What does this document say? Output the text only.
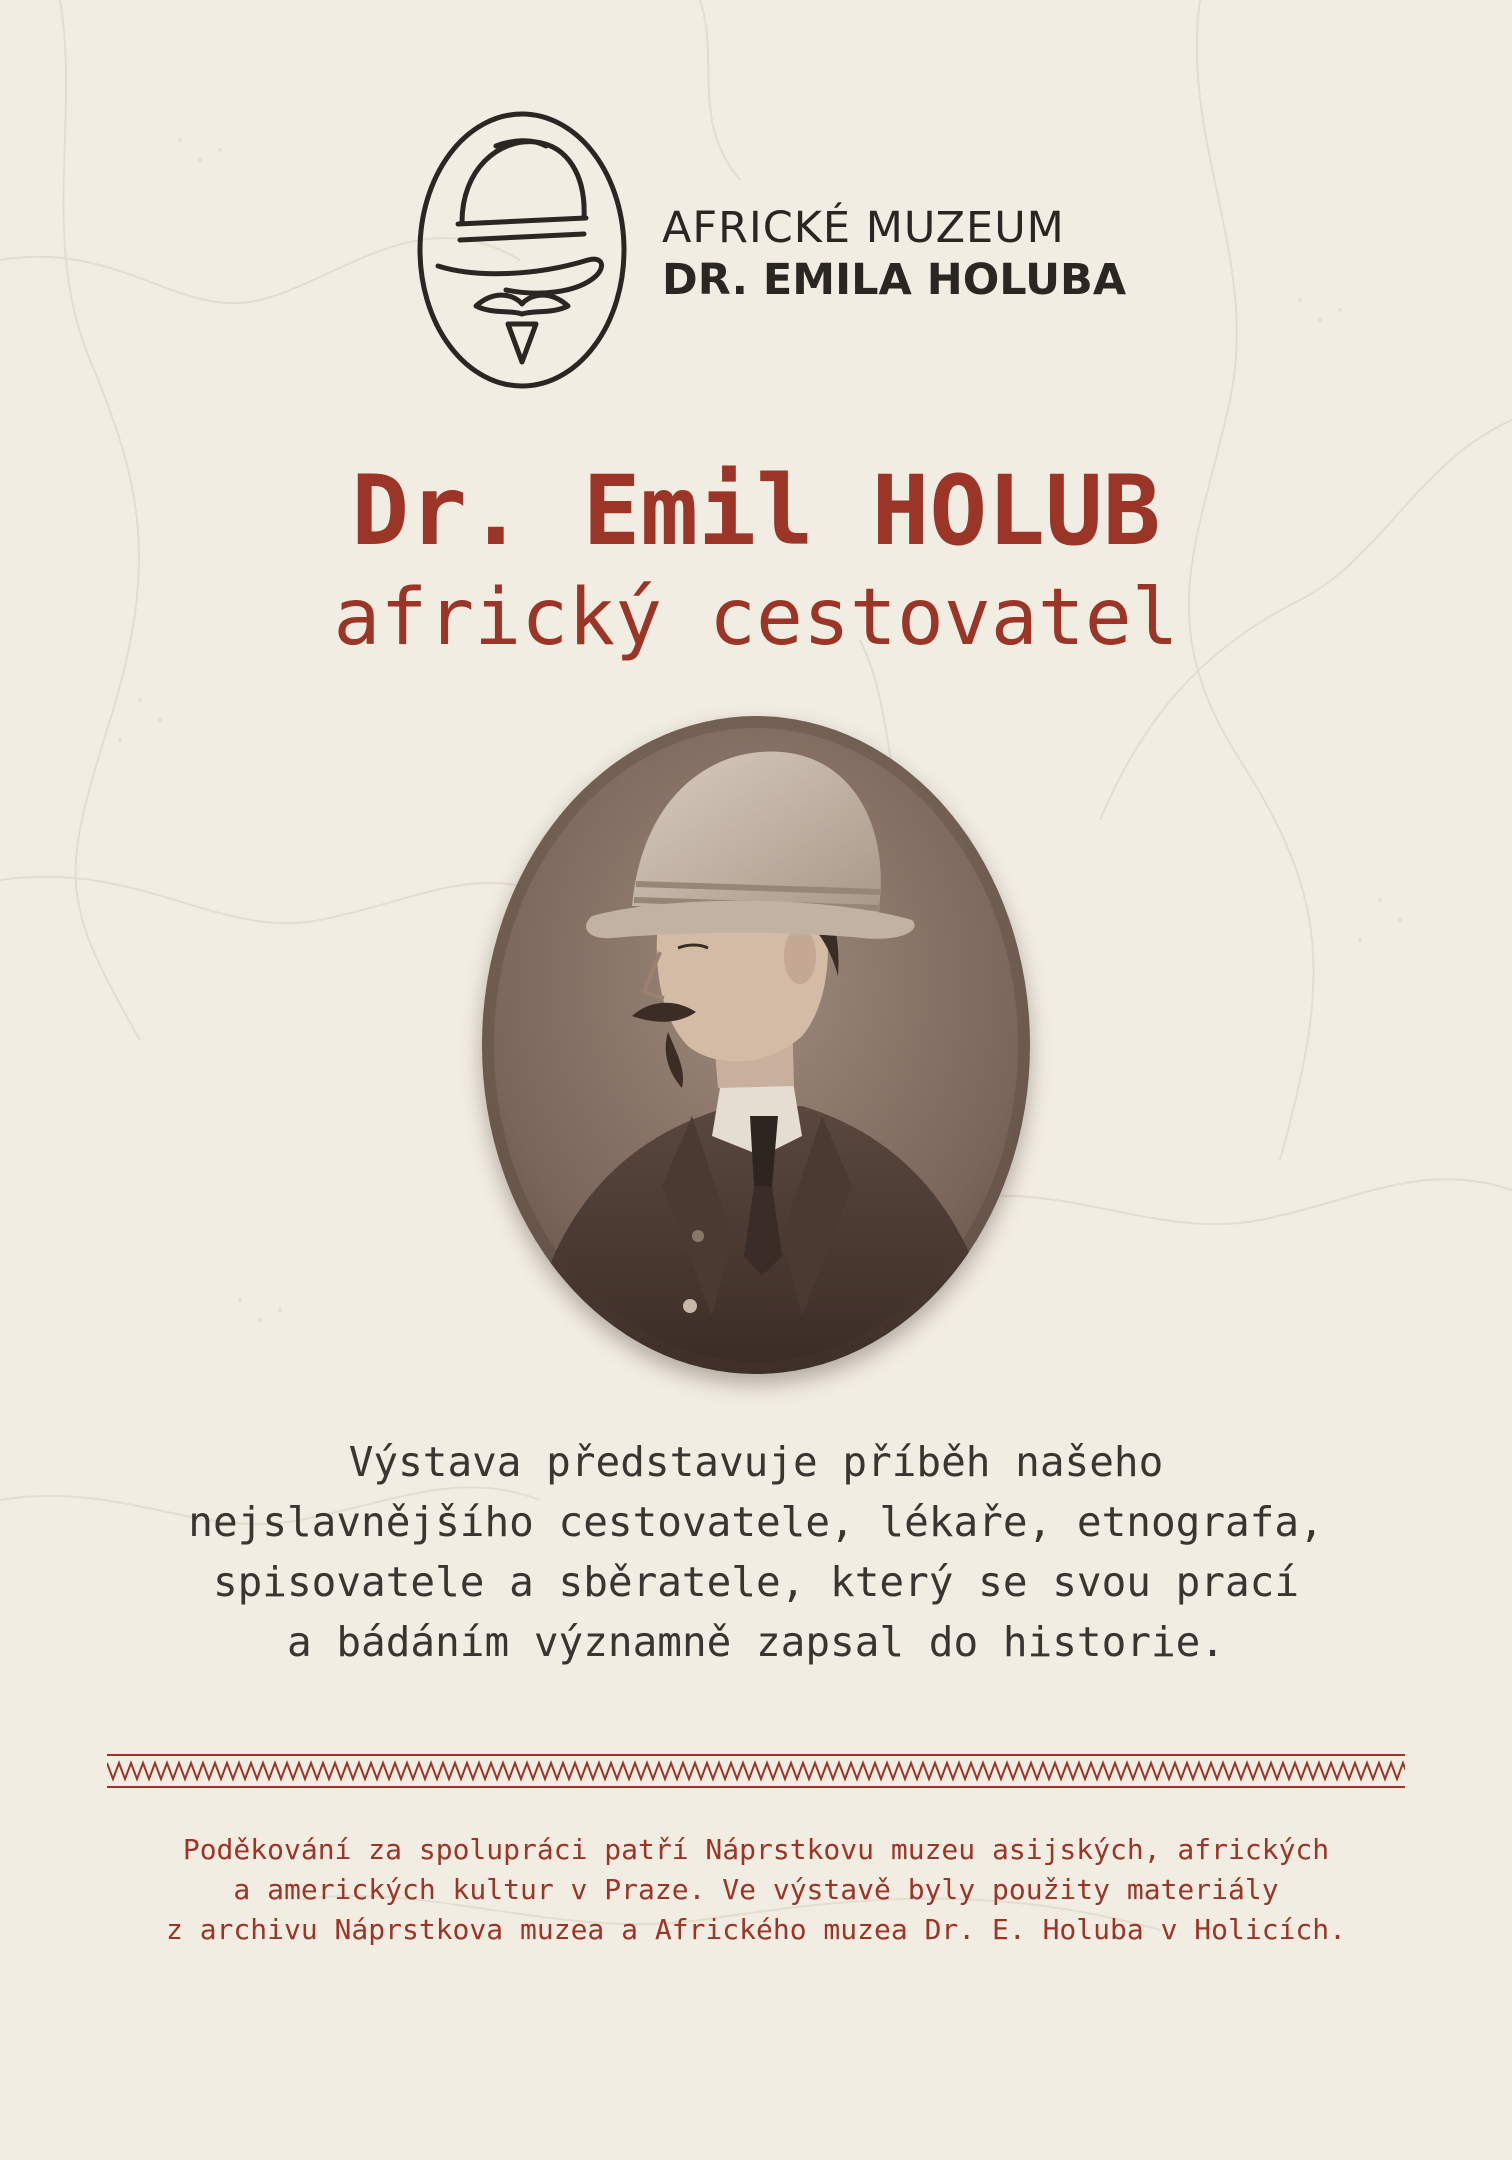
AFRICKÉ MUZEUM
DR. EMILA HOLUBA
Dr. Emil HOLUB
africký cestovatel
Výstava představuje příběh našeho
nejslavnějšího cestovatele, lékaře, etnografa,
spisovatele a sběratele, který se svou prací
a bádáním významně zapsal do historie.
Poděkování za spolupráci patří Náprstkovu muzeu asijských, afrických
a amerických kultur v Praze. Ve výstavě byly použity materiály
z archivu Náprstkova muzea a Afrického muzea Dr. E. Holuba v Holicích.
